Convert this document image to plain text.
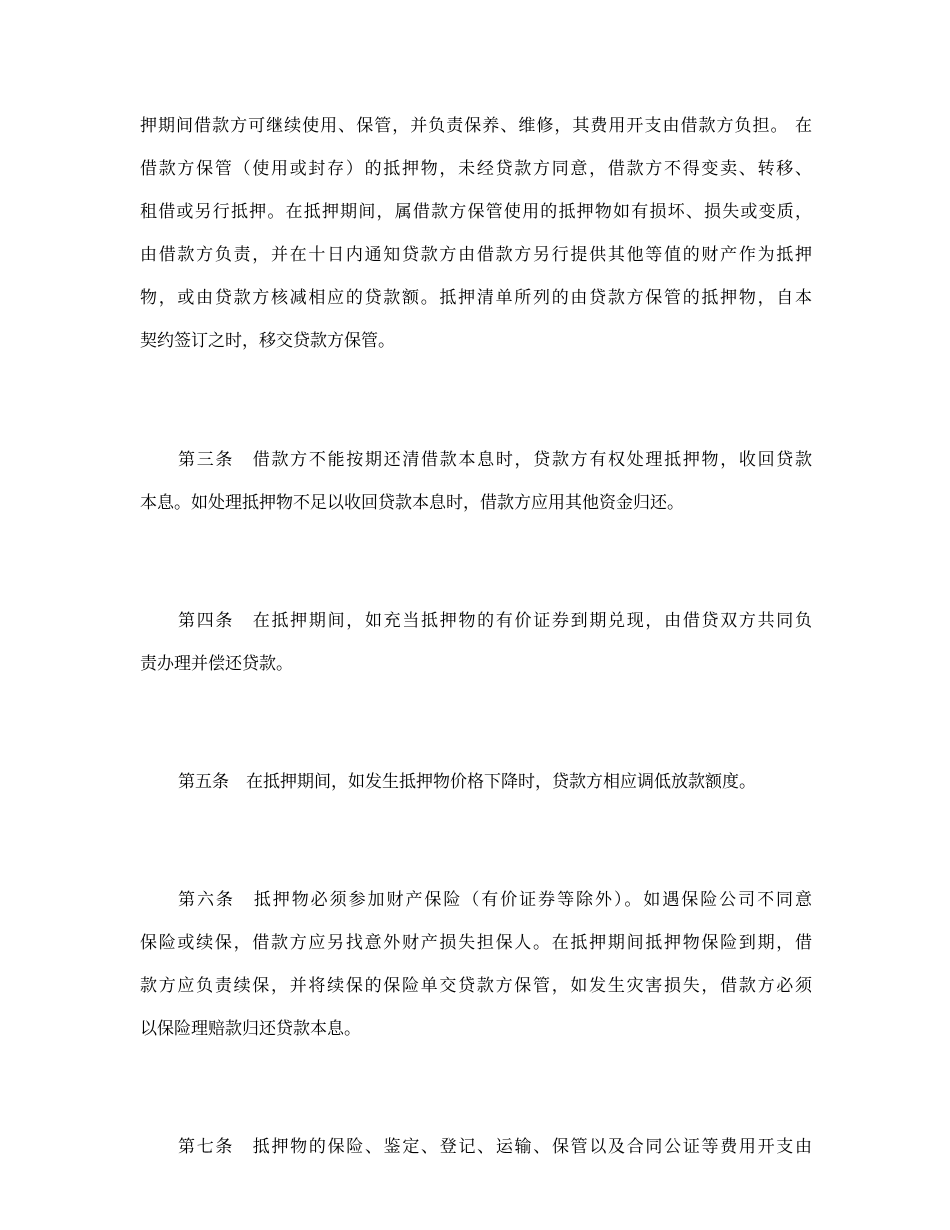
押期间借款方可继续使用、保管，并负责保养、维修，其费用开支由借款方负担。 在
借款方保管（使用或封存）的抵押物，未经贷款方同意，借款方不得变卖、转移、
租借或另行抵押。在抵押期间，属借款方保管使用的抵押物如有损坏、损失或变质，
由借款方负责，并在十日内通知贷款方由借款方另行提供其他等值的财产作为抵押
物，或由贷款方核减相应的贷款额。抵押清单所列的由贷款方保管的抵押物，自本
契约签订之时，移交贷款方保管。
第三条　借款方不能按期还清借款本息时，贷款方有权处理抵押物，收回贷款
本息。如处理抵押物不足以收回贷款本息时，借款方应用其他资金归还。
第四条　在抵押期间，如充当抵押物的有价证券到期兑现，由借贷双方共同负
责办理并偿还贷款。
第五条　在抵押期间，如发生抵押物价格下降时，贷款方相应调低放款额度。
第六条　抵押物必须参加财产保险（有价证券等除外）。如遇保险公司不同意
保险或续保，借款方应另找意外财产损失担保人。在抵押期间抵押物保险到期，借
款方应负责续保，并将续保的保险单交贷款方保管，如发生灾害损失，借款方必须
以保险理赔款归还贷款本息。
第七条　抵押物的保险、鉴定、登记、运输、保管以及合同公证等费用开支由
